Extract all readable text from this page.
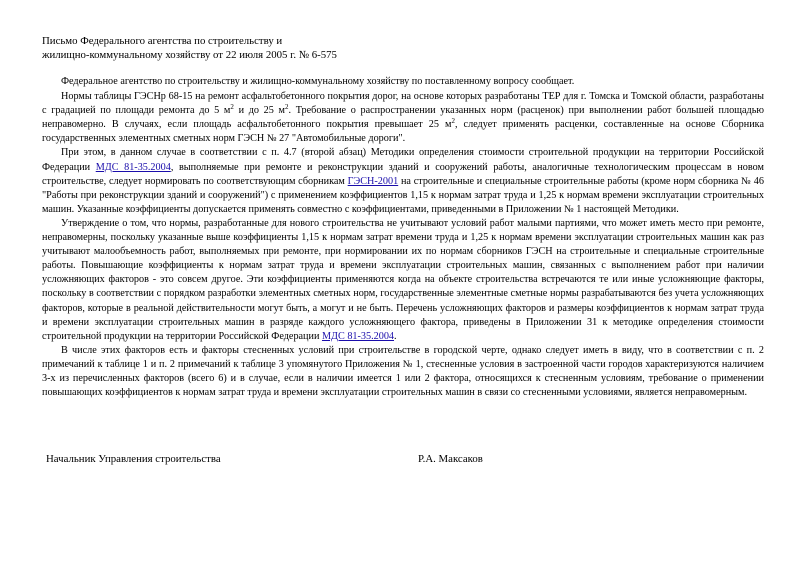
Письмо Федерального агентства по строительству и
жилищно-коммунальному хозяйству от 22 июля 2005 г. № 6-575

Федеральное агентство по строительству и жилищно-коммунальному хозяйству по поставленному вопросу сообщает.

Нормы таблицы ГЭСНр 68-15 на ремонт асфальтобетонного покрытия дорог, на основе которых разработаны ТЕР для г. Томска и Томской области, разработаны с градацией по площади ремонта до 5 $м^2$ и до 25 $м^2$. Требование о распространении указанных норм (расценок) при выполнении работ большей площадью неправомерно. В случаях, если площадь асфальтобетонного покрытия превышает 25 $м^2$, следует применять расценки, составленные на основе Сборника государственных элементных сметных норм ГЭСН № 27 "Автомобильные дороги".

При этом, в данном случае в соответствии с п. 4.7 (второй абзац) Методики определения стоимости строительной продукции на территории Российской Федерации МДС 81-35.2004, выполняемые при ремонте и реконструкции зданий и сооружений работы, аналогичные технологическим процессам в новом строительстве, следует нормировать по соответствующим сборникам ГЭСН-2001 на строительные и специальные строительные работы (кроме норм сборника № 46 "Работы при реконструкции зданий и сооружений") с применением коэффициентов 1,15 к нормам затрат труда и 1,25 к нормам времени эксплуатации строительных машин. Указанные коэффициенты допускается применять совместно с коэффициентами, приведенными в Приложении № 1 настоящей Методики.

Утверждение о том, что нормы, разработанные для нового строительства не учитывают условий работ малыми партиями, что может иметь место при ремонте, неправомерны, поскольку указанные выше коэффициенты 1,15 к нормам затрат времени труда и 1,25 к нормам времени эксплуатации строительных машин как раз учитывают малообъемность работ, выполняемых при ремонте, при нормировании их по нормам сборников ГЭСН на строительные и специальные строительные работы. Повышающие коэффициенты к нормам затрат труда и времени эксплуатации строительных машин, связанных с выполнением работ при наличии усложняющих факторов - это совсем другое. Эти коэффициенты применяются когда на объекте строительства встречаются те или иные усложняющие факторы, поскольку в соответствии с порядком разработки элементных сметных норм, государственные элементные сметные нормы разрабатываются без учета усложняющих факторов, которые в реальной действительности могут быть, а могут и не быть. Перечень усложняющих факторов и размеры коэффициентов к нормам затрат труда и времени эксплуатации строительных машин в разряде каждого усложняющего фактора, приведены в Приложении 31 к методике определения стоимости строительной продукции на территории Российской Федерации МДС 81-35.2004.

В числе этих факторов есть и факторы стесненных условий при строительстве в городской черте, однако следует иметь в виду, что в соответствии с п. 2 примечаний к таблице 1 и п. 2 примечаний к таблице 3 упомянутого Приложения № 1, стесненные условия в застроенной части городов характеризуются наличием 3-х из перечисленных факторов (всего 6) и в случае, если в наличии имеется 1 или 2 фактора, относящихся к стесненным условиям, требование о применении повышающих коэффициентов к нормам затрат труда и времени эксплуатации строительных машин в связи со стесненными условиями, является неправомерным.

Начальник Управления строительства	Р.А. Максаков
